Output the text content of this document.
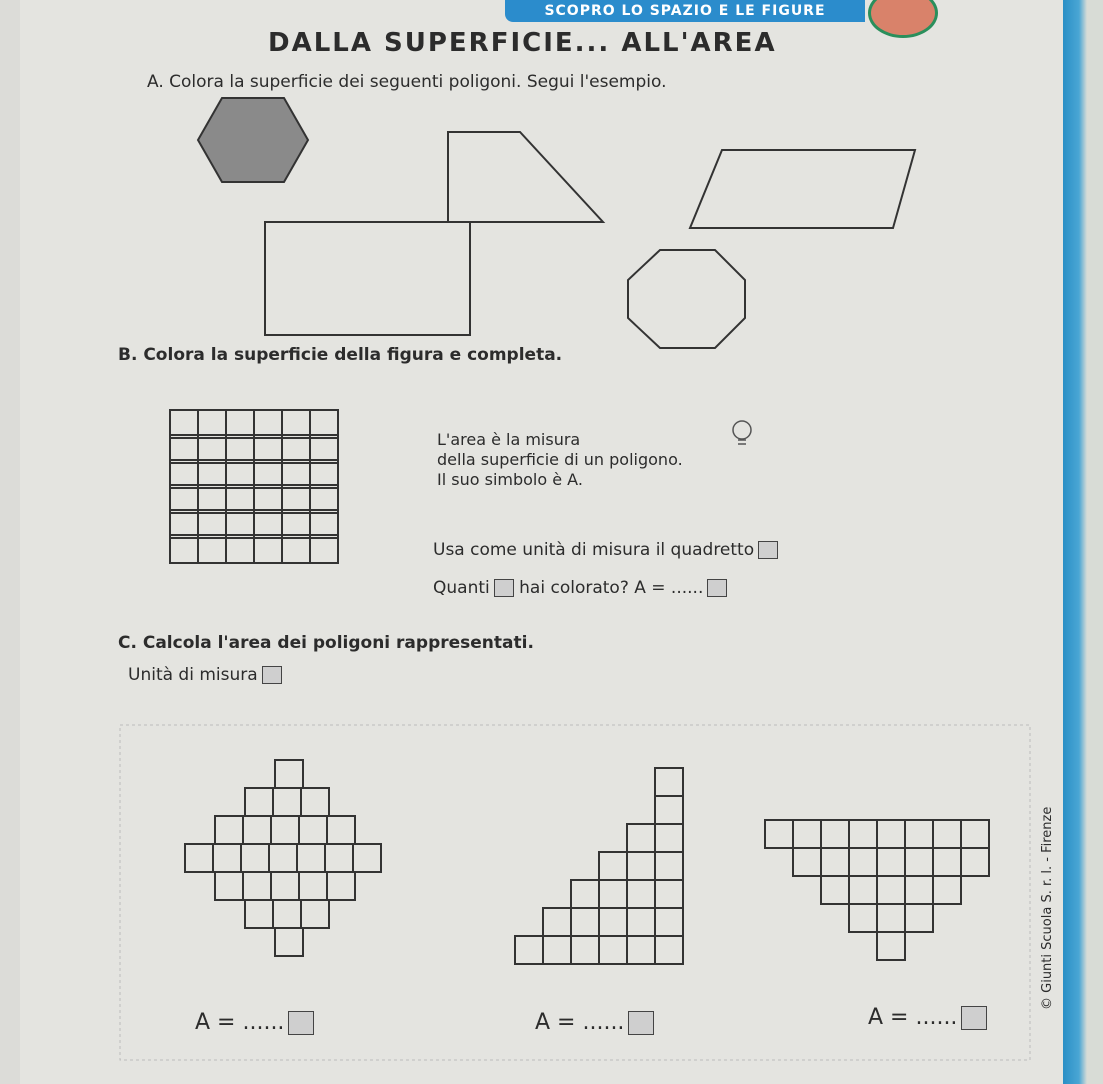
SCOPRO LO SPAZIO E LE FIGURE
DALLA SUPERFICIE... ALL'AREA
A. Colora la superficie dei seguenti poligoni. Segui l'esempio.
B. Colora la superficie della figura e completa.
L'area è la misura
della superficie di un poligono.
Il suo simbolo è A.
Usa come unità di misura il quadretto
Quanti hai colorato? A = ......
C. Calcola l'area dei poligoni rappresentati.
Unità di misura
A = ......	A = ......	A = ......
© Giunti Scuola S. r. l. - Firenze
